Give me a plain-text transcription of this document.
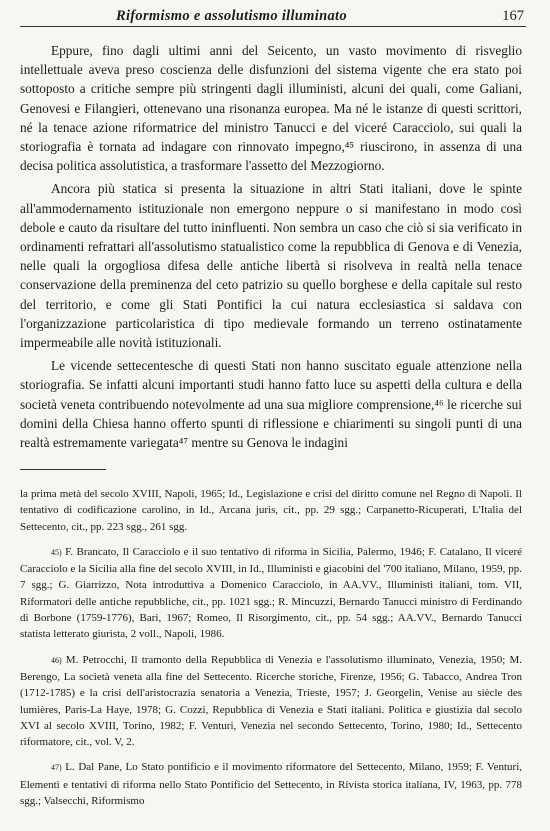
Riformismo e assolutismo illuminato	167

Eppure, fino dagli ultimi anni del Seicento, un vasto movimento di risveglio intellettuale aveva preso coscienza delle disfunzioni del sistema vigente che era stato poi sottoposto a critiche sempre più stringenti dagli illuministi, alcuni dei quali, come Galiani, Genovesi e Filangieri, ottenevano una risonanza europea. Ma né le istanze di questi scrittori, né la tenace azione riformatrice del ministro Tanucci e del viceré Caracciolo, sui quali la storiografia è tornata ad indagare con rinnovato impegno,⁴⁵ riuscirono, in assenza di una decisa politica assolutistica, a trasformare l'assetto del Mezzogiorno.

Ancora più statica si presenta la situazione in altri Stati italiani, dove le spinte all'ammodernamento istituzionale non emergono neppure o si manifestano in modo così debole e cauto da risultare del tutto ininfluenti. Non sembra un caso che ciò si sia verificato in ordinamenti refrattari all'assolutismo statualistico come la repubblica di Genova e di Venezia, nelle quali la orgogliosa difesa delle antiche libertà si risolveva in realtà nella tenace conservazione della preminenza del ceto patrizio su quello borghese e della capitale sul resto del territorio, e come gli Stati Pontifici la cui natura ecclesiastica si saldava con l'organizzazione particolaristica di tipo medievale formando un terreno ostinatamente impermeabile alle novità istituzionali.

Le vicende settecentesche di questi Stati non hanno suscitato eguale attenzione nella storiografia. Se infatti alcuni importanti studi hanno fatto luce su aspetti della cultura e della società veneta contribuendo notevolmente ad una sua migliore comprensione,⁴⁶ le ricerche sui domini della Chiesa hanno offerto spunti di riflessione e chiarimenti su singoli punti di una realtà estremamente variegata⁴⁷ mentre su Genova le indagini

la prima metà del secolo XVIII, Napoli, 1965; Id., Legislazione e crisi del diritto comune nel Regno di Napoli. Il tentativo di codificazione carolino, in Id., Arcana juris, cit., pp. 29 sgg.; Carpanetto-Ricuperati, L'Italia del Settecento, cit., pp. 223 sgg., 261 sgg.

45) F. Brancato, Il Caracciolo e il suo tentativo di riforma in Sicilia, Palermo, 1946; F. Catalano, Il viceré Caracciolo e la Sicilia alla fine del secolo XVIII, in Id., Illuministi e giacobini del '700 italiano, Milano, 1959, pp. 7 sgg.; G. Giarrizzo, Nota introduttiva a Domenico Caracciolo, in AA.VV., Illuministi italiani, tom. VII, Riformatori delle antiche repubbliche, cit., pp. 1021 sgg.; R. Mincuzzi, Bernardo Tanucci ministro di Ferdinando di Borbone (1759-1776), Bari, 1967; Romeo, Il Risorgimento, cit., pp. 54 sgg.; AA.VV., Bernardo Tanucci statista letterato giurista, 2 voll., Napoli, 1986.

46) M. Petrocchi, Il tramonto della Repubblica di Venezia e l'assolutismo illuminato, Venezia, 1950; M. Berengo, La società veneta alla fine del Settecento. Ricerche storiche, Firenze, 1956; G. Tabacco, Andrea Tron (1712-1785) e la crisi dell'aristocrazia senatoria a Venezia, Trieste, 1957; J. Georgelin, Venise au siècle des lumières, Paris-La Haye, 1978; G. Cozzi, Repubblica di Venezia e Stati italiani. Politica e giustizia dal secolo XVI al secolo XVIII, Torino, 1982; F. Venturi, Venezia nel secondo Settecento, Torino, 1980; Id., Settecento riformatore, cit., vol. V, 2.

47) L. Dal Pane, Lo Stato pontificio e il movimento riformatore del Settecento, Milano, 1959; F. Venturi, Elementi e tentativi di riforma nello Stato Pontificio del Settecento, in Rivista storica italiana, IV, 1963, pp. 778 sgg.; Valsecchi, Riformismo
